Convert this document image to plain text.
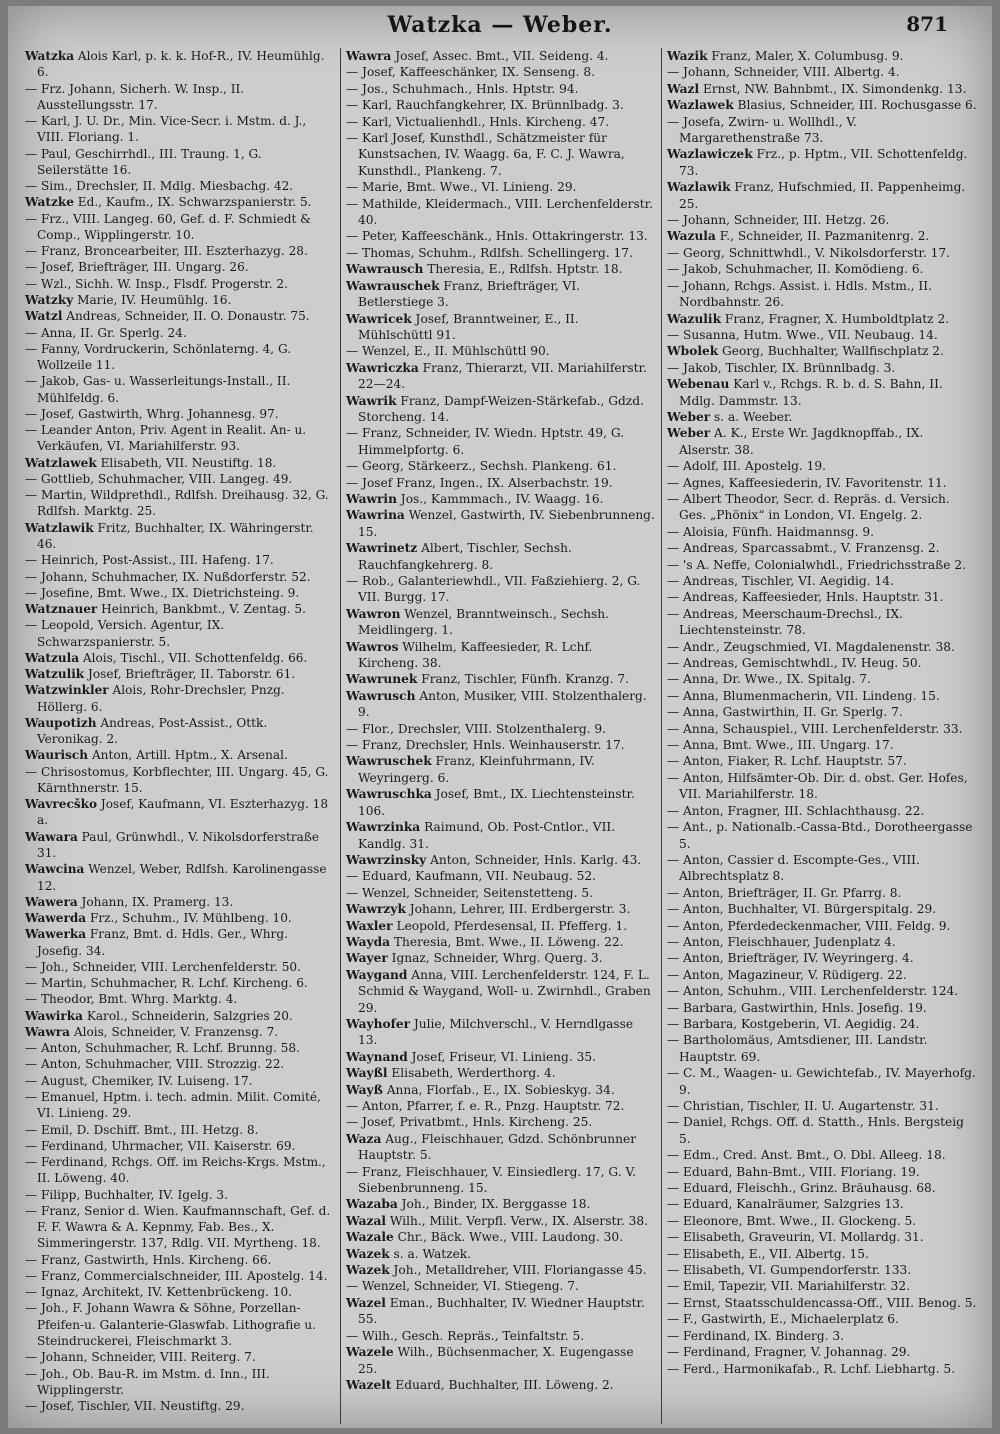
Watzka — Weber.	871
Watzka Alois Karl, p. k. k. Hof-R., IV. Heumühlg. 6.
— Frz. Johann, Sicherh. W. Insp., II. Ausstellungsstr. 17.
— Karl, J. U. Dr., Min. Vice-Secr. i. Mstm. d. J., VIII. Floriang. 1.
— Paul, Geschirrhdl., III. Traung. 1, G. Seilerstätte 16.
— Sim., Drechsler, II. Mdlg. Miesbachg. 42.
Watzke Ed., Kaufm., IX. Schwarzspanierstr. 5.
— Frz., VIII. Langeg. 60, Gef. d. F. Schmiedt & Comp., Wipplingerstr. 10.
— Franz, Broncearbeiter, III. Eszterhazyg. 28.
— Josef, Briefträger, III. Ungarg. 26.
— Wzl., Sichh. W. Insp., Flsdf. Progerstr. 2.
Watzky Marie, IV. Heumühlg. 16.
Watzl Andreas, Schneider, II. O. Donaustr. 75.
— Anna, II. Gr. Sperlg. 24.
— Fanny, Vordruckerin, Schönlaterng. 4, G. Wollzeile 11.
— Jakob, Gas- u. Wasserleitungs-Install., II. Mühlfeldg. 6.
— Josef, Gastwirth, Whrg. Johannesg. 97.
— Leander Anton, Priv. Agent in Realit. An- u. Verkäufen, VI. Mariahilferstr. 93.
Watzlawek Elisabeth, VII. Neustiftg. 18.
— Gottlieb, Schuhmacher, VIII. Langeg. 49.
— Martin, Wildprethdl., Rdlfsh. Dreihausg. 32, G. Rdlfsh. Marktg. 25.
Watzlawik Fritz, Buchhalter, IX. Währingerstr. 46.
— Heinrich, Post-Assist., III. Hafeng. 17.
— Johann, Schuhmacher, IX. Nußdorferstr. 52.
— Josefine, Bmt. Wwe., IX. Dietrichsteing. 9.
Watznauer Heinrich, Bankbmt., V. Zentag. 5.
— Leopold, Versich. Agentur, IX. Schwarzspanierstr. 5.
Watzula Alois, Tischl., VII. Schottenfeldg. 66.
Watzulik Josef, Briefträger, II. Taborstr. 61.
Watzwinkler Alois, Rohr-Drechsler, Pnzg. Höllerg. 6.
Waupotizh Andreas, Post-Assist., Ottk. Veronikag. 2.
Waurisch Anton, Artill. Hptm., X. Arsenal.
— Chrisostomus, Korbflechter, III. Ungarg. 45, G. Kärnthnerstr. 15.
Wavrecško Josef, Kaufmann, VI. Eszterhazyg. 18 a.
Wawara Paul, Grünwhdl., V. Nikolsdorferstraße 31.
Wawcina Wenzel, Weber, Rdlfsh. Karolinengasse 12.
Wawera Johann, IX. Pramerg. 13.
Wawerda Frz., Schuhm., IV. Mühlbeng. 10.
Wawerka Franz, Bmt. d. Hdls. Ger., Whrg. Josefig. 34.
— Joh., Schneider, VIII. Lerchenfelderstr. 50.
— Martin, Schuhmacher, R. Lchf. Kircheng. 6.
— Theodor, Bmt. Whrg. Marktg. 4.
Wawirka Karol., Schneiderin, Salzgries 20.
Wawra Alois, Schneider, V. Franzensg. 7.
— Anton, Schuhmacher, R. Lchf. Brunng. 58.
— Anton, Schuhmacher, VIII. Strozzig. 22.
— August, Chemiker, IV. Luiseng. 17.
— Emanuel, Hptm. i. tech. admin. Milit. Comité, VI. Linieng. 29.
— Emil, D. Dschiff. Bmt., III. Hetzg. 8.
— Ferdinand, Uhrmacher, VII. Kaiserstr. 69.
— Ferdinand, Rchgs. Off. im Reichs-Krgs. Mstm., II. Löweng. 40.
— Filipp, Buchhalter, IV. Igelg. 3.
— Franz, Senior d. Wien. Kaufmannschaft, Gef. d. F. F. Wawra & A. Kepnmy, Fab. Bes., X. Simmeringerstr. 137, Rdlg. VII. Myrtheng. 18.
— Franz, Gastwirth, Hnls. Kircheng. 66.
— Franz, Commercialschneider, III. Apostelg. 14.
— Ignaz, Architekt, IV. Kettenbrückeng. 10.
— Joh., F. Johann Wawra & Söhne, Porzellan-Pfeifen-u. Galanterie-Glaswfab. Lithografie u. Steindruckerei, Fleischmarkt 3.
— Johann, Schneider, VIII. Reiterg. 7.
— Joh., Ob. Bau-R. im Mstm. d. Inn., III. Wipplingerstr.
— Josef, Tischler, VII. Neustiftg. 29.
Wawra Josef, Assec. Bmt., VII. Seideng. 4.
— Josef, Kaffeeschänker, IX. Senseng. 8.
— Jos., Schuhmach., Hnls. Hptstr. 94.
— Karl, Rauchfangkehrer, IX. Brünnlbadg. 3.
— Karl, Victualienhdl., Hnls. Kircheng. 47.
— Karl Josef, Kunsthdl., Schätzmeister für Kunstsachen, IV. Waagg. 6a, F. C. J. Wawra, Kunsthdl., Plankeng. 7.
— Marie, Bmt. Wwe., VI. Linieng. 29.
— Mathilde, Kleidermach., VIII. Lerchenfelderstr. 40.
— Peter, Kaffeeschänk., Hnls. Ottakringerstr. 13.
— Thomas, Schuhm., Rdlfsh. Schellingerg. 17.
Wawrausch Theresia, E., Rdlfsh. Hptstr. 18.
Wawrauschek Franz, Briefträger, VI. Betlerstiege 3.
Wawricek Josef, Branntweiner, E., II. Mühlschüttl 91.
— Wenzel, E., II. Mühlschüttl 90.
Wawriczka Franz, Thierarzt, VII. Mariahilferstr. 22—24.
Wawrik Franz, Dampf-Weizen-Stärkefab., Gdzd. Storcheng. 14.
— Franz, Schneider, IV. Wiedn. Hptstr. 49, G. Himmelpfortg. 6.
— Georg, Stärkeerz., Sechsh. Plankeng. 61.
— Josef Franz, Ingen., IX. Alserbachstr. 19.
Wawrin Jos., Kammmach., IV. Waagg. 16.
Wawrina Wenzel, Gastwirth, IV. Siebenbrunneng. 15.
Wawrinetz Albert, Tischler, Sechsh. Rauchfangkehrerg. 8.
— Rob., Galanteriewhdl., VII. Faßziehierg. 2, G. VII. Burgg. 17.
Wawron Wenzel, Branntweinsch., Sechsh. Meidlingerg. 1.
Wawros Wilhelm, Kaffeesieder, R. Lchf. Kircheng. 38.
Wawrunek Franz, Tischler, Fünfh. Kranzg. 7.
Wawrusch Anton, Musiker, VIII. Stolzenthalerg. 9.
— Flor., Drechsler, VIII. Stolzenthalerg. 9.
— Franz, Drechsler, Hnls. Weinhauserstr. 17.
Wawruschek Franz, Kleinfuhrmann, IV. Weyringerg. 6.
Wawruschka Josef, Bmt., IX. Liechtensteinstr. 106.
Wawrzinka Raimund, Ob. Post-Cntlor., VII. Kandlg. 31.
Wawrzinsky Anton, Schneider, Hnls. Karlg. 43.
— Eduard, Kaufmann, VII. Neubaug. 52.
— Wenzel, Schneider, Seitenstetteng. 5.
Wawrzyk Johann, Lehrer, III. Erdbergerstr. 3.
Waxler Leopold, Pferdesensal, II. Pfefferg. 1.
Wayda Theresia, Bmt. Wwe., II. Löweng. 22.
Wayer Ignaz, Schneider, Whrg. Querg. 3.
Waygand Anna, VIII. Lerchenfelderstr. 124, F. L. Schmid & Waygand, Woll- u. Zwirnhdl., Graben 29.
Wayhofer Julie, Milchverschl., V. Herndlgasse 13.
Waynand Josef, Friseur, VI. Linieng. 35.
Wayßl Elisabeth, Werderthorg. 4.
Wayß Anna, Florfab., E., IX. Sobieskyg. 34.
— Anton, Pfarrer, f. e. R., Pnzg. Hauptstr. 72.
— Josef, Privatbmt., Hnls. Kircheng. 25.
Waza Aug., Fleischhauer, Gdzd. Schönbrunner Hauptstr. 5.
— Franz, Fleischhauer, V. Einsiedlerg. 17, G. V. Siebenbrunneng. 15.
Wazaba Joh., Binder, IX. Berggasse 18.
Wazal Wilh., Milit. Verpfl. Verw., IX. Alserstr. 38.
Wazale Chr., Bäck. Wwe., VIII. Laudong. 30.
Wazek s. a. Watzek.
Wazek Joh., Metalldreher, VIII. Floriangasse 45.
— Wenzel, Schneider, VI. Stiegeng. 7.
Wazel Eman., Buchhalter, IV. Wiedner Hauptstr. 55.
— Wilh., Gesch. Repräs., Teinfaltstr. 5.
Wazele Wilh., Büchsenmacher, X. Eugengasse 25.
Wazelt Eduard, Buchhalter, III. Löweng. 2.
Wazik Franz, Maler, X. Columbusg. 9.
— Johann, Schneider, VIII. Albertg. 4.
Wazl Ernst, NW. Bahnbmt., IX. Simondenkg. 13.
Wazlawek Blasius, Schneider, III. Rochusgasse 6.
— Josefa, Zwirn- u. Wollhdl., V. Margarethenstraße 73.
Wazlawiczek Frz., p. Hptm., VII. Schottenfeldg. 73.
Wazlawik Franz, Hufschmied, II. Pappenheimg. 25.
— Johann, Schneider, III. Hetzg. 26.
Wazula F., Schneider, II. Pazmanitenrg. 2.
— Georg, Schnittwhdl., V. Nikolsdorferstr. 17.
— Jakob, Schuhmacher, II. Komödieng. 6.
— Johann, Rchgs. Assist. i. Hdls. Mstm., II. Nordbahnstr. 26.
Wazulik Franz, Fragner, X. Humboldtplatz 2.
— Susanna, Hutm. Wwe., VII. Neubaug. 14.
Wbolek Georg, Buchhalter, Wallfischplatz 2.
— Jakob, Tischler, IX. Brünnlbadg. 3.
Webenau Karl v., Rchgs. R. b. d. S. Bahn, II. Mdlg. Dammstr. 13.
Weber s. a. Weeber.
Weber A. K., Erste Wr. Jagdknopffab., IX. Alserstr. 38.
— Adolf, III. Apostelg. 19.
— Agnes, Kaffeesiederin, IV. Favoritenstr. 11.
— Albert Theodor, Secr. d. Repräs. d. Versich. Ges. „Phönix“ in London, VI. Engelg. 2.
— Aloisia, Fünfh. Haidmannsg. 9.
— Andreas, Sparcassabmt., V. Franzensg. 2.
— 's A. Neffe, Colonialwhdl., Friedrichsstraße 2.
— Andreas, Tischler, VI. Aegidig. 14.
— Andreas, Kaffeesieder, Hnls. Hauptstr. 31.
— Andreas, Meerschaum-Drechsl., IX. Liechtensteinstr. 78.
— Andr., Zeugschmied, VI. Magdalenenstr. 38.
— Andreas, Gemischtwhdl., IV. Heug. 50.
— Anna, Dr. Wwe., IX. Spitalg. 7.
— Anna, Blumenmacherin, VII. Lindeng. 15.
— Anna, Gastwirthin, II. Gr. Sperlg. 7.
— Anna, Schauspiel., VIII. Lerchenfelderstr. 33.
— Anna, Bmt. Wwe., III. Ungarg. 17.
— Anton, Fiaker, R. Lchf. Hauptstr. 57.
— Anton, Hilfsämter-Ob. Dir. d. obst. Ger. Hofes, VII. Mariahilferstr. 18.
— Anton, Fragner, III. Schlachthausg. 22.
— Ant., p. Nationalb.-Cassa-Btd., Dorotheergasse 5.
— Anton, Cassier d. Escompte-Ges., VIII. Albrechtsplatz 8.
— Anton, Briefträger, II. Gr. Pfarrg. 8.
— Anton, Buchhalter, VI. Bürgerspitalg. 29.
— Anton, Pferdedeckenmacher, VIII. Feldg. 9.
— Anton, Fleischhauer, Judenplatz 4.
— Anton, Briefträger, IV. Weyringerg. 4.
— Anton, Magazineur, V. Rüdigerg. 22.
— Anton, Schuhm., VIII. Lerchenfelderstr. 124.
— Barbara, Gastwirthin, Hnls. Josefig. 19.
— Barbara, Kostgeberin, VI. Aegidig. 24.
— Bartholomäus, Amtsdiener, III. Landstr. Hauptstr. 69.
— C. M., Waagen- u. Gewichtefab., IV. Mayerhofg. 9.
— Christian, Tischler, II. U. Augartenstr. 31.
— Daniel, Rchgs. Off. d. Statth., Hnls. Bergsteig 5.
— Edm., Cred. Anst. Bmt., O. Dbl. Alleeg. 18.
— Eduard, Bahn-Bmt., VIII. Floriang. 19.
— Eduard, Fleischh., Grinz. Bräuhausg. 68.
— Eduard, Kanalräumer, Salzgries 13.
— Eleonore, Bmt. Wwe., II. Glockeng. 5.
— Elisabeth, Graveurin, VI. Mollardg. 31.
— Elisabeth, E., VII. Albertg. 15.
— Elisabeth, VI. Gumpendorferstr. 133.
— Emil, Tapezir, VII. Mariahilferstr. 32.
— Ernst, Staatsschuldencassa-Off., VIII. Benog. 5.
— F., Gastwirth, E., Michaelerplatz 6.
— Ferdinand, IX. Binderg. 3.
— Ferdinand, Fragner, V. Johannag. 29.
— Ferd., Harmonikafab., R. Lchf. Liebhartg. 5.
